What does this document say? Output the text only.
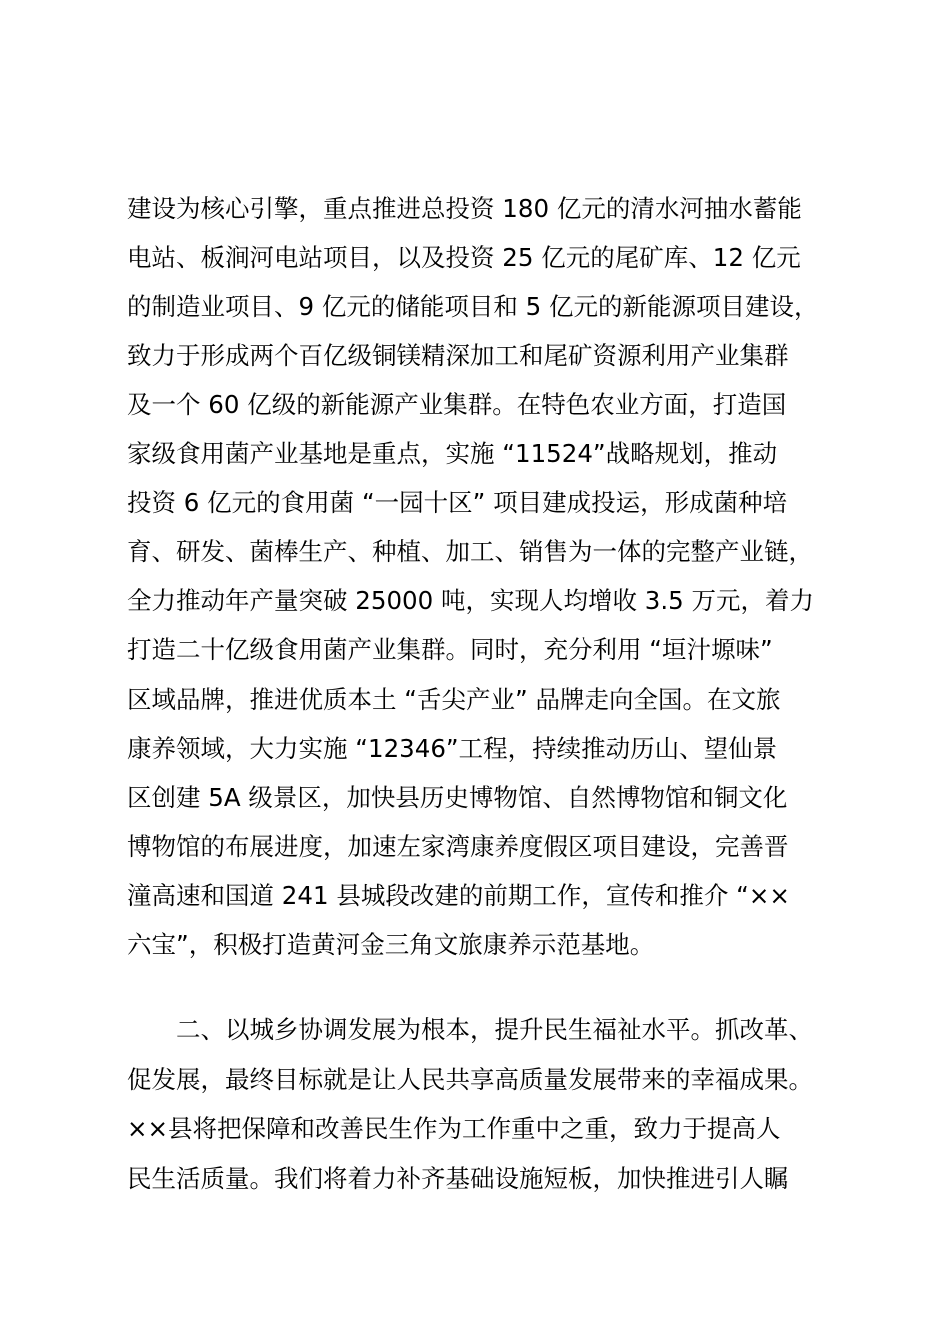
建设为核心引擎，重点推进总投资 180 亿元的清水河抽水蓄能
电站、板涧河电站项目，以及投资 25 亿元的尾矿库、12 亿元
的制造业项目、9 亿元的储能项目和 5 亿元的新能源项目建设，
致力于形成两个百亿级铜镁精深加工和尾矿资源利用产业集群
及一个 60 亿级的新能源产业集群。在特色农业方面，打造国
家级食用菌产业基地是重点，实施 “11524”战略规划，推动
投资 6 亿元的食用菌 “一园十区” 项目建成投运，形成菌种培
育、研发、菌棒生产、种植、加工、销售为一体的完整产业链，
全力推动年产量突破 25000 吨，实现人均增收 3.5 万元，着力
打造二十亿级食用菌产业集群。同时，充分利用 “垣汁塬味”
区域品牌，推进优质本土 “舌尖产业” 品牌走向全国。在文旅
康养领域，大力实施 “12346”工程，持续推动历山、望仙景
区创建 5A 级景区，加快县历史博物馆、自然博物馆和铜文化
博物馆的布展进度，加速左家湾康养度假区项目建设，完善晋
潼高速和国道 241 县城段改建的前期工作，宣传和推介 “××
六宝”，积极打造黄河金三角文旅康养示范基地。
　　二、以城乡协调发展为根本，提升民生福祉水平。抓改革、
促发展，最终目标就是让人民共享高质量发展带来的幸福成果。
××县将把保障和改善民生作为工作重中之重，致力于提高人
民生活质量。我们将着力补齐基础设施短板，加快推进引人瞩
